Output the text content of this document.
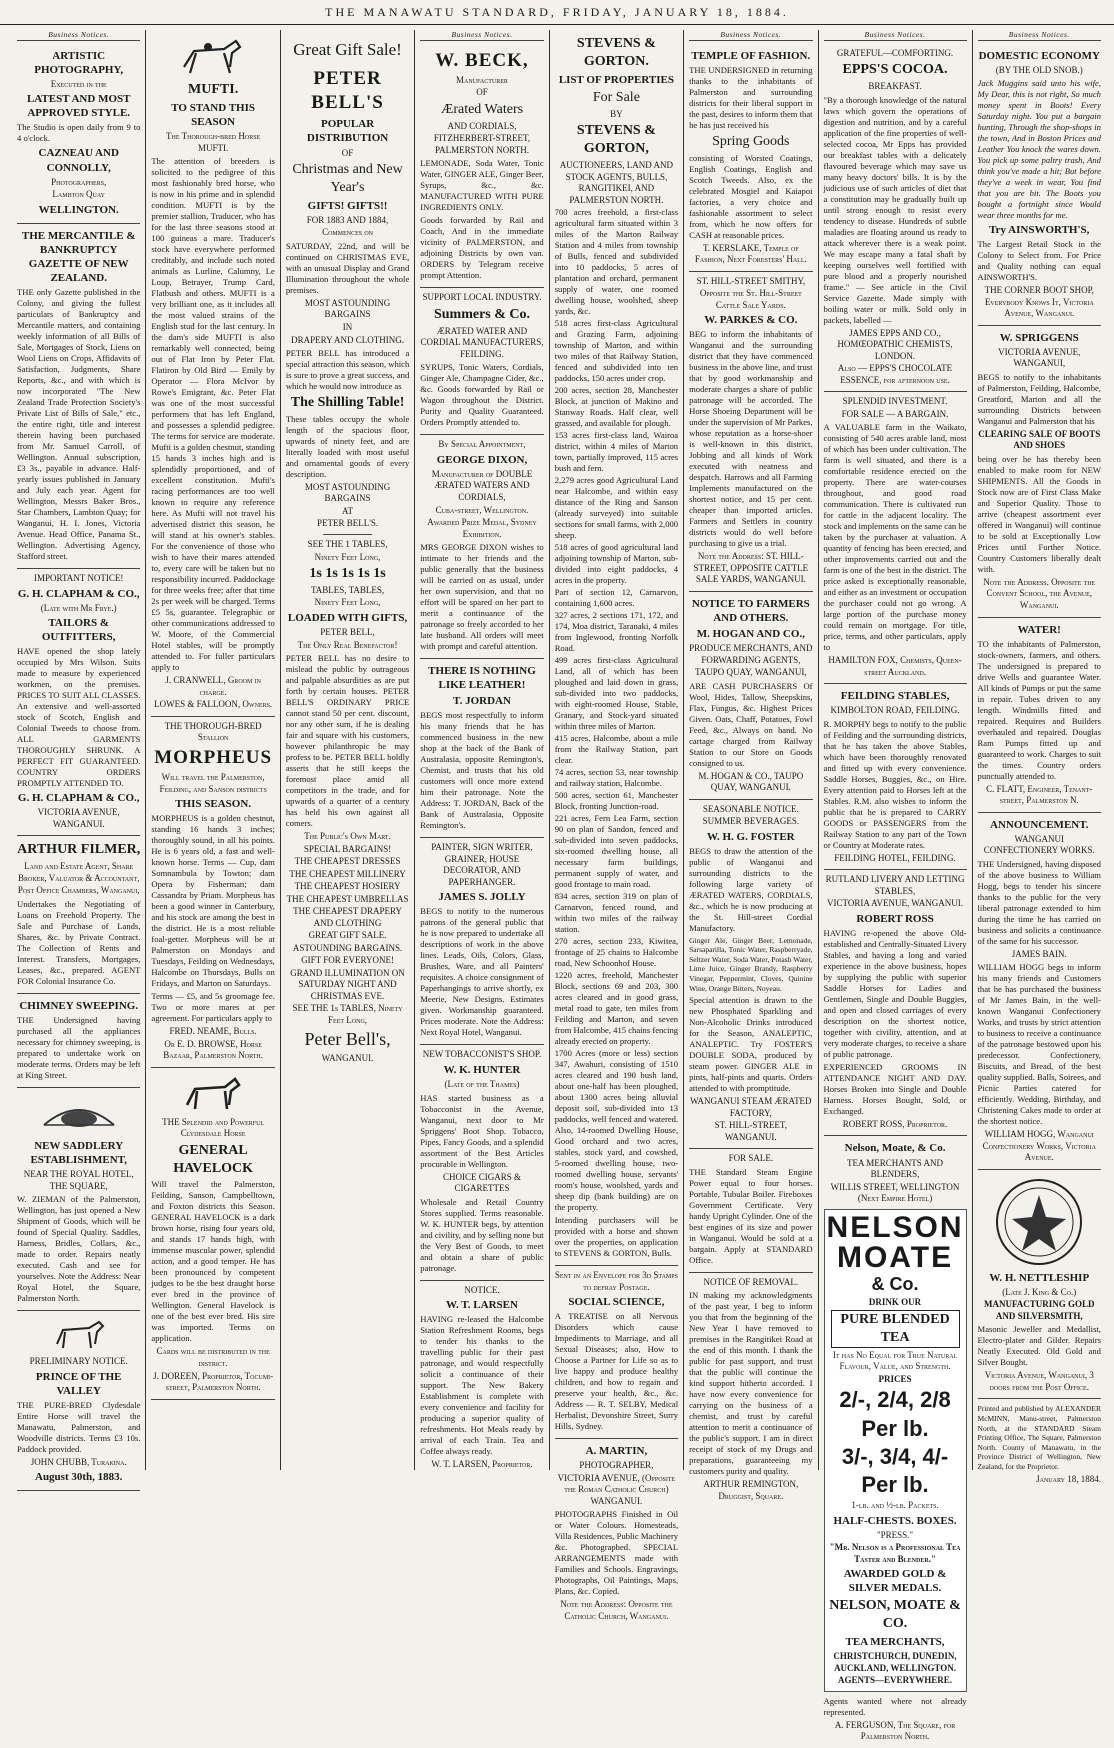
THE MANAWATU STANDARD, FRIDAY, JANUARY 18, 1884.
Business Notices.
ARTISTIC PHOTOGRAPHY,
Executed in the
LATEST AND MOST APPROVED STYLE.
The Studio is open daily from 9 to 4 o'clock.
CAZNEAU AND CONNOLLY,
Photographers,
Lambton Quay
WELLINGTON.
THE MERCANTILE & BANKRUPTCY GAZETTE OF NEW ZEALAND.
THE only Gazette published in the Colony, and giving the fullest particulars of Bankruptcy and Mercantile matters, and containing weekly information of all Bills of Sale, Mortgages of Stock, Liens on Wool Liens on Crops, Affidavits of Satisfaction, Judgments, Share Reports, &c., and with which is now incorporated "The New Zealand Trade Protection Society's Private List of Bills of Sale," etc., the entire right, title and interest therein having been purchased from Mr. Samuel Carroll, of Wellington. Annual subscription, £3 3s., payable in advance. Half-yearly issues published in January and July each year. Agent for Wellington, Messrs Baker Bros., Star Chambers, Lambton Quay; for Wanganui, H. I. Jones, Victoria Avenue. Head Office, Panama St., Wellington. Advertising Agency, Stafford street.
IMPORTANT NOTICE!
G. H. CLAPHAM & CO.,
(Late with Mr Frye.)
TAILORS & OUTFITTERS,
HAVE opened the shop lately occupied by Mrs Wilson. Suits made to measure by experienced workmen, on the premises. PRICES TO SUIT ALL CLASSES. An extensive and well-assorted stock of Scotch, English and Colonial Tweeds to choose from. ALL GARMENTS THOROUGHLY SHRUNK. A PERFECT FIT GUARANTEED. COUNTRY ORDERS PROMPTLY ATTENDED TO.
G. H. CLAPHAM & CO.,
VICTORIA AVENUE, WANGANUI.
ARTHUR FILMER,
Land and Estate Agent, Share Broker, Valuator & Accountant,
Post Office Chambers, Wanganui,
Undertakes the Negotiating of Loans on Freehold Property. The Sale and Purchase of Lands, Shares, &c. by Private Contract. The Collection of Rents and Interest. Transfers, Mortgages, Leases, &c., prepared. AGENT FOR Colonial Insurance Co.
CHIMNEY SWEEPING.
THE Undersigned having purchased all the appliances necessary for chimney sweeping, is prepared to undertake work on moderate terms. Orders may be left at King Street.
NEW SADDLERY ESTABLISHMENT,
NEAR THE ROYAL HOTEL, THE SQUARE,
W. ZIEMAN of the Palmerston, Wellington, has just opened a New Shipment of Goods, which will be found of Special Quality. Saddles, Harness, Bridles, Collars, &c., made to order. Repairs neatly executed. Cash and see for yourselves. Note the Address: Near Royal Hotel, the Square, Palmerston North.
PRELIMINARY NOTICE.
PRINCE OF THE VALLEY
THE PURE-BRED Clydesdale Entire Horse will travel the Manawatu, Palmerston, and Woodville districts. Terms £3 10s. Paddock provided.
JOHN CHUBB, Turakina.
August 30th, 1883.
MUFTI.
TO STAND THIS SEASON
The Thorough-bred Horse MUFTI.
The attention of breeders is solicited to the pedigree of this most fashionably bred horse, who is now in his prime and in splendid condition. MUFTI is by the premier stallion, Traducer, who has for the last three seasons stood at 100 guineas a mare. Traducer's stock have everywhere performed creditably, and include such noted animals as Lurline, Calumny, Le Loup, Betrayer, Trump Card, Flatbush and others. MUFTI is a very brilliant one, as it includes all the most valued strains of the English stud for the last century. In the dam's side MUFTI is also remarkably well connected, being out of Flat Iron by Peter Flat. Flatiron by Old Bird — Emily by Operator — Flora McIvor by Rowe's Emigrant, &c. Peter Flat was one of the most successful performers that has left England, and possesses a splendid pedigree. The terms for service are moderate. Mufti is a golden chestnut, standing 15 hands 3 inches high and is splendidly proportioned, and of excellent constitution. Mufti's racing performances are too well known to require any reference here. As Mufti will not travel his advertised district this season, he will stand at his owner's stables. For the convenience of those who wish to have their mares attended to, every care will be taken but no responsibility incurred. Paddockage for three weeks free; after that time 2s per week will be charged. Terms £5 5s, guarantee. Telegraphic or other communications addressed to W. Moore, of the Commercial Hotel stables, will be promptly attended to. For fuller particulars apply to
J. CRANWELL, Groom in charge.
LOWES & FALLOON, Owners.
THE THOROUGH-BRED Stallion
MORPHEUS
Will travel the Palmerston, Feilding, and Sanson districts
THIS SEASON.
MORPHEUS is a golden chestnut, standing 16 hands 3 inches; thoroughly sound, in all his points. He is 6 years old, a fast and well-known horse. Terms — Cup, dam Somnambula by Towton; dam Opera by Fisherman; dam Cassandra by Priam. Morpheus has been a good winner in Canterbury, and his stock are among the best in the district. He is a most reliable foal-getter. Morpheus will be at Palmerston on Mondays and Tuesdays, Feilding on Wednesdays, Halcombe on Thursdays, Bulls on Fridays, and Marton on Saturdays.
Terms — £5, and 5s groomage fee. Two or more mares at per agreement. For particulars apply to
FRED. NEAME, Bulls.
Or E. D. BROWSE, Horse Bazaar, Palmerston North.
THE Splendid and Powerful Clydesdale Horse
GENERAL HAVELOCK
Will travel the Palmerston, Feilding, Sanson, Campbelltown, and Foxton districts this Season. GENERAL HAVELOCK is a dark brown horse, rising four years old, and stands 17 hands high, with immense muscular power, splendid action, and a good temper. He has been pronounced by competent judges to be the best draught horse ever bred in the province of Wellington. General Havelock is one of the best ever bred. His sire was imported. Terms on application.
Cards will be distributed in the district.
J. DOREEN, Proprietor, Tocumi-street, Palmerston North.
Great Gift Sale!
PETER BELL'S
POPULAR DISTRIBUTION
OF
Christmas and New Year's
GIFTS! GIFTS!!
FOR 1883 AND 1884,
Commences on
SATURDAY, 22nd, and will be continued on CHRISTMAS EVE, with an unusual Display and Grand Illumination throughout the whole premises.
MOST ASTOUNDING BARGAINS
IN
DRAPERY AND CLOTHING.
PETER BELL has introduced a special attraction this season, which is sure to prove a great success, and which he would now introduce as
The Shilling Table!
These tables occupy the whole length of the spacious floor, upwards of ninety feet, and are literally loaded with most useful and ornamental goods of every description.
MOST ASTOUNDING BARGAINS
AT
PETER BELL'S.
SEE THE 1 TABLES,
Ninety Feet Long,
1s 1s 1s 1s 1s
TABLES, TABLES,
Ninety Feet Long,
LOADED WITH GIFTS,
PETER BELL,
The Only Real Benefactor!
PETER BELL has no desire to mislead the public by outrageous and palpable absurdities as are put forth by certain houses. PETER BELL'S ORDINARY PRICE cannot stand 50 per cent. discount, nor any other sum, if he is dealing fair and square with his customers, however philanthropic he may profess to be. PETER BELL boldly asserts that he still keeps the foremost place amid all competitors in the trade, and for upwards of a quarter of a century has held his own against all comers.
The Public's Own Mart.
SPECIAL BARGAINS!
THE CHEAPEST DRESSES
THE CHEAPEST MILLINERY
THE CHEAPEST HOSIERY
THE CHEAPEST UMBRELLAS
THE CHEAPEST DRAPERY AND CLOTHING
GREAT GIFT SALE.
ASTOUNDING BARGAINS.
GIFT FOR EVERYONE!
GRAND ILLUMINATION ON SATURDAY NIGHT AND CHRISTMAS EVE.
SEE THE 1s TABLES, Ninety Feet Long,
Peter Bell's,
WANGANUI.
Business Notices.
W. BECK,
Manufacturer
OF
Ærated Waters
AND CORDIALS,
FITZHERBERT-STREET, PALMERSTON NORTH.
LEMONADE, Soda Water, Tonic Water, GINGER ALE, Ginger Beer, Syrups, &c., &c. MANUFACTURED WITH PURE INGREDIENTS ONLY.
Goods forwarded by Rail and Coach, And in the immediate vicinity of PALMERSTON, and adjoining Districts by own van. ORDERS by Telegram receive prompt Attention.
SUPPORT LOCAL INDUSTRY.
Summers & Co.
ÆRATED WATER AND CORDIAL MANUFACTURERS, FEILDING.
SYRUPS, Tonic Waters, Cordials, Ginger Ale, Champagne Cider, &c., &c. Goods forwarded by Rail or Wagon throughout the District. Purity and Quality Guaranteed. Orders Promptly attended to.
By Special Appointment,
GEORGE DIXON,
Manufacturer of DOUBLE ÆRATED WATERS AND CORDIALS,
Cuba-street, Wellington.
Awarded Prize Medal, Sydney Exhibition.
MRS GEORGE DIXON wishes to intimate to her friends and the public generally that the business will be carried on as usual, under her own supervision, and that no effort will be spared on her part to merit a continuance of the patronage so freely accorded to her late husband. All orders will meet with prompt and careful attention.
THERE IS NOTHING LIKE LEATHER!
T. JORDAN
BEGS most respectfully to inform his many friends that he has commenced business in the new shop at the back of the Bank of Australasia, opposite Remington's, Chemist, and trusts that his old customers will once more extend him their patronage. Note the Address: T. JORDAN, Back of the Bank of Australasia, Opposite Remington's.
PAINTER, SIGN WRITER, GRAINER, HOUSE DECORATOR, AND PAPERHANGER.
JAMES S. JOLLY
BEGS to notify to the numerous patrons of the general public that he is now prepared to undertake all descriptions of work in the above lines. Leads, Oils, Colors, Glass, Brushes, Ware, and all Painters' requisites. A choice consignment of Paperhangings to arrive shortly, ex Meerie, New Designs. Estimates given. Workmanship guaranteed. Prices moderate. Note the Address: Next Royal Hotel, Wanganui.
NEW TOBACCONIST'S SHOP.
W. K. HUNTER
(Late of the Thames)
HAS started business as a Tobacconist in the Avenue, Wanganui, next door to Mr Spriggens' Boot Shop. Tobacco, Pipes, Fancy Goods, and a splendid assortment of the Best Articles procurable in Wellington.
CHOICE CIGARS & CIGARETTES
Wholesale and Retail Country Stores supplied. Terms reasonable. W. K. HUNTER begs, by attention and civility, and by selling none but the Very Best of Goods, to meet and obtain a share of public patronage.
NOTICE.
W. T. LARSEN
HAVING re-leased the Halcombe Station Refreshment Rooms, begs to tender his thanks to the travelling public for their past patronage, and would respectfully solicit a continuance of their support. The New Bakery Establishment is complete with every convenience and facility for producing a superior quality of refreshments. Hot Meals ready by arrival of each Train. Tea and Coffee always ready.
W. T. LARSEN, Proprietor.
STEVENS & GORTON.
LIST OF PROPERTIES
For Sale
BY
STEVENS & GORTON,
AUCTIONEERS, LAND AND STOCK AGENTS, BULLS, RANGITIKEI, AND PALMERSTON NORTH.
700 acres freehold, a first-class agricultural farm situated within 3 miles of the Marton Railway Station and 4 miles from township of Bulls, fenced and subdivided into 10 paddocks, 5 acres of plantation and orchard, permanent supply of water, one roomed dwelling house, woolshed, sheep yards, &c.
518 acres first-class Agricultural and Grazing Farm, adjoining township of Marton, and within two miles of that Railway Station, fenced and subdivided into ten paddocks, 150 acres under crop.
200 acres, section 28, Manchester Block, at junction of Makino and Stanway Roads. Half clear, well grassed, and available for plough.
153 acres first-class land, Wairoa district, within 4 miles of Marton town, partially improved, 115 acres bush and fern.
2,279 acres good Agricultural Land near Halcombe, and within easy distance of the Ring and Sanson (already surveyed) into suitable sections for small farms, with 2,000 sheep.
518 acres of good agricultural land adjoining township of Marton, sub-divided into eight paddocks, 4 acres in the property.
Part of section 12, Carnarvon, containing 1,600 acres.
327 acres, 2 sections 171, 172, and 174, Moa district, Taranaki, 4 miles from Inglewood, fronting Norfolk Road.
499 acres first-class Agricultural Land, all of which has been ploughed and laid down in grass, sub-divided into two paddocks, with eight-roomed House, Stable, Granary, and Stock-yard situated within three miles of Marton.
415 acres, Halcombe, about a mile from the Railway Station, part clear.
74 acres, section 53, near township and railway station, Halcombe.
500 acres, section 61, Manchester Block, fronting Junction-road.
221 acres, Fern Lea Farm, section 90 on plan of Sandon, fenced and sub-divided into seven paddocks, six-roomed dwelling house, all necessary farm buildings, permanent supply of water, and good frontage to main road.
834 acres, section 319 on plan of Carnarvon, fenced round, and within two miles of the railway station.
270 acres, section 233, Kiwitea, frontage of 25 chains to Halcombe road, New Schoonhof House.
1220 acres, freehold, Manchester Block, sections 69 and 203, 300 acres cleared and in good grass, metal road to gate, ten miles from Feilding and Marton, and seven from Halcombe, 415 chains fencing already erected on property.
1700 Acres (more or less) section 347, Awahuri, consisting of 1510 acres cleared and 190 bush land, about one-half has been ploughed, about 1300 acres being alluvial deposit soil, sub-divided into 13 paddocks, well fenced and watered. Also, 14-roomed Dwelling House, Good orchard and two acres, stables, stock yard, and cowshed, 5-roomed dwelling house, two-roomed dwelling house, servants' room's house, woolshed, yards and sheep dip (bank building) are on the property.
Intending purchasers will be provided with a horse and shown over the properties, on application to STEVENS & GORTON, Bulls.
Sent in an Envelope for 3d Stamps to defray Postage.
SOCIAL SCIENCE,
A TREATISE on all Nervous Disorders which cause Impediments to Marriage, and all Sexual Diseases; also, How to Choose a Partner for Life so as to live happy and produce healthy children, and how to regain and preserve your health, &c., &c. Address — R. T. SELBY, Medical Herbalist, Devonshire Street, Surry Hills, Sydney.
A. MARTIN,
PHOTOGRAPHER,
VICTORIA AVENUE, (Opposite the Roman Catholic Church) WANGANUI.
PHOTOGRAPHS Finished in Oil or Water Colours. Homesteads, Villa Residences, Public Machinery &c. Photographed. SPECIAL ARRANGEMENTS made with Families and Schools. Engravings, Photographs, Oil Paintings, Maps, Plans, &c. Copied.
Note the Address: Opposite the Catholic Church, Wanganui.
Business Notices.
TEMPLE OF FASHION.
THE UNDERSIGNED in returning thanks to the inhabitants of Palmerston and surrounding districts for their liberal support in the past, desires to inform them that he has just received his
Spring Goods
consisting of Worsted Coatings, English Coatings, English and Scotch Tweeds. Also, ex the celebrated Mosgiel and Kaiapoi factories, a very choice and fashionable assortment to select from, which he now offers for CASH at reasonable prices.
T. KERSLAKE, Temple of Fashion, Next Foresters' Hall.
ST. HILL-STREET SMITHY,
Opposite the St. Hill-Street Cattle Sale Yards.
W. PARKES & CO.
BEG to inform the inhabitants of Wanganui and the surrounding district that they have commenced business in the above line, and trust that by good workmanship and moderate charges a share of public patronage will be accorded. The Horse Shoeing Department will be under the supervision of Mr Parkes, whose reputation as a horse-shoer is well-known in this district. Jobbing and all kinds of Work executed with neatness and despatch. Harrows and all Farming Implements manufactured on the shortest notice, and 15 per cent. cheaper than imported articles. Farmers and Settlers in country districts would do well before purchasing to give us a trial.
Note the Address: ST. HILL-STREET, OPPOSITE CATTLE SALE YARDS, WANGANUI.
NOTICE TO FARMERS AND OTHERS.
M. HOGAN AND CO.,
PRODUCE MERCHANTS, AND FORWARDING AGENTS,
TAUPO QUAY, WANGANUI,
ARE CASH PURCHASERS Of Wool, Hides, Tallow, Sheepskins, Flax, Fungus, &c. Highest Prices Given. Oats, Chaff, Potatoes, Fowl Feed, &c., Always on hand. No cartage charged from Railway Station to our Store on Goods consigned to us.
M. HOGAN & CO., TAUPO QUAY, WANGANUI.
SEASONABLE NOTICE.
SUMMER BEVERAGES.
W. H. G. FOSTER
BEGS to draw the attention of the public of Wanganui and surrounding districts to the following large variety of ÆRATED WATERS, CORDIALS, &c., which he is now producing at the St. Hill-street Cordial Manufactory.
Ginger Ale, Ginger Beer, Lemonade, Sarsaparilla, Tonic Water, Raspberryade, Seltzer Water, Soda Water, Potash Water, Lime Juice, Ginger Brandy, Raspberry Vinegar, Peppermint, Cloves, Quinine Wine, Orange Bitters, Noyeau.
Special attention is drawn to the new Phosphated Sparkling and Non-Alcoholic Drinks introduced for the Season, ANALEPTIC, ANALEPTIC. Try FOSTER'S DOUBLE SODA, produced by steam power. GINGER ALE in pints, half-pints and quarts. Orders attended to with promptitude.
WANGANUI STEAM ÆRATED FACTORY,
ST. HILL-STREET, WANGANUI.
FOR SALE.
THE Standard Steam Engine Power equal to four horses. Portable, Tubular Boiler. Fireboxes Government Certificate. Very handy Upright Cylinder. One of the best engines of its size and power in Wanganui. Would be sold at a bargain. Apply at STANDARD Office.
NOTICE OF REMOVAL.
IN making my acknowledgments of the past year, I beg to inform you that from the beginning of the New Year I have removed to premises in the Rangitikei Road at the end of this month. I thank the public for past support, and trust that the public will continue the kind support hitherto accorded. I have now every convenience for carrying on the business of a chemist, and trust by careful attention to merit a continuance of the public's support. I am in direct receipt of stock of my Drugs and preparations, guaranteeing my customers purity and quality.
ARTHUR REMINGTON, Druggist, Square.
Business Notices.
GRATEFUL—COMFORTING.
EPPS'S COCOA.
BREAKFAST.
"By a thorough knowledge of the natural laws which govern the operations of digestion and nutrition, and by a careful application of the fine properties of well-selected cocoa, Mr Epps has provided our breakfast tables with a delicately flavoured beverage which may save us many heavy doctors' bills. It is by the judicious use of such articles of diet that a constitution may be gradually built up until strong enough to resist every tendency to disease. Hundreds of subtle maladies are floating around us ready to attack wherever there is a weak point. We may escape many a fatal shaft by keeping ourselves well fortified with pure blood and a properly nourished frame." — See article in the Civil Service Gazette. Made simply with boiling water or milk. Sold only in packets, labelled —
JAMES EPPS AND CO., HOMŒOPATHIC CHEMISTS, LONDON.
Also — EPPS'S CHOCOLATE ESSENCE, for afternoon use.
SPLENDID INVESTMENT.
FOR SALE — A BARGAIN.
A VALUABLE farm in the Waikato, consisting of 540 acres arable land, most of which has been under cultivation. The farm is well situated, and there is a comfortable residence erected on the property. There are water-courses throughout, and good road communication. There is cultivated run for cattle in the adjacent locality. The stock and implements on the same can be taken by the purchaser at valuation. A quantity of fencing has been erected, and other improvements carried out and the farm is one of the best in the district. The price asked is exceptionally reasonable, and either as an investment or occupation the purchaser could not go wrong. A large portion of the purchase money could remain on mortgage. For title, price, terms, and other particulars, apply to
HAMILTON FOX, Chemists, Queen-street Auckland.
FEILDING STABLES,
KIMBOLTON ROAD, FEILDING.
R. MORPHY begs to notify to the public of Feilding and the surrounding districts, that he has taken the above Stables, which have been thoroughly renovated and fitted up with every convenience. Saddle Horses, Buggies, &c., on Hire. Every attention paid to Horses left at the Stables. R.M. also wishes to inform the public that he is prepared to CARRY GOODS or PASSENGERS from the Railway Station to any part of the Town or Country at Moderate rates.
FEILDING HOTEL, FEILDING.
RUTLAND LIVERY AND LETTING STABLES,
VICTORIA AVENUE, WANGANUI.
ROBERT ROSS
HAVING re-opened the above Old-established and Centrally-Situated Livery Stables, and having a long and varied experience in the above business, hopes by supplying the public with superior Saddle Horses for Ladies and Gentlemen, Single and Double Buggies, and open and closed carriages of every description on the shortest notice, together with civility, attention, and at very moderate charges, to receive a share of public patronage.
EXPERIENCED GROOMS IN ATTENDANCE NIGHT AND DAY. Horses Broken into Single and Double Harness. Horses Bought, Sold, or Exchanged.
ROBERT ROSS, Proprietor.
Nelson, Moate, & Co.
TEA MERCHANTS AND BLENDERS,
WILLIS STREET, WELLINGTON (Next Empire Hotel)
NELSON
MOATE
& Co.
DRINK OUR
PURE BLENDED TEA
It has No Equal for True Natural Flavour, Value, and Strength.
PRICES
2/-, 2/4, 2/8 Per lb.
3/-, 3/4, 4/- Per lb.
1-lb. and ½-lb. Packets.
HALF-CHESTS. BOXES.
"PRESS."
"Mr. Nelson is a Professional Tea Taster and Blender."
AWARDED GOLD & SILVER MEDALS.
NELSON, MOATE & CO.
TEA MERCHANTS,
CHRISTCHURCH, DUNEDIN, AUCKLAND, WELLINGTON.
AGENTS—EVERYWHERE.
Agents wanted where not already represented.
A. FERGUSON, The Square, for Palmerston North.
Business Notices.
DOMESTIC ECONOMY
(BY THE OLD SNOB.)
Jack Muggins said unto his wife, My Dear, this is not right, So much money spent in Boots! Every Saturday night. You put a bargain hunting, Through the shop-shops in the town, And in Boston Prices and Leather You knock the wares down. You pick up some paltry trash, And think you've made a hit; But before they've a week in wear, You find that you are bit. The Boots you bought a fortnight since Would wear three months for me.
Try AINSWORTH'S,
The Largest Retail Stock in the Colony to Select from. For Price and Quality nothing can equal AINSWORTH'S.
THE CORNER BOOT SHOP, Everybody Knows It, Victoria Avenue, Wanganui.
W. SPRIGGENS
VICTORIA AVENUE, WANGANUI,
BEGS to notify to the inhabitants of Palmerston, Feilding, Halcombe, Greatford, Marton and all the surrounding Districts between Wanganui and Palmerston that his
CLEARING SALE OF BOOTS AND SHOES
being over he has thereby been enabled to make room for NEW SHIPMENTS. All the Goods in Stock now are of First Class Make and Superior Quality. Those to arrive (cheapest assortment ever offered in Wanganui) will continue to be sold at Exceptionally Low Prices until Further Notice. Country Customers liberally dealt with.
Note the Address. Opposite the Convent School, the Avenue, Wanganui.
WATER!
TO the inhabitants of Palmerston, stock-owners, farmers, and others. The undersigned is prepared to drive Wells and guarantee Water. All kinds of Pumps or put the same in repair. Tubes driven to any length. Windmills fitted and repaired. Requires and Builders overhauled and repaired. Douglas Ram Pumps fitted up and guaranteed to work. Charges to suit the times. Country orders punctually attended to.
C. FLATT, Engineer, Tenant-street, Palmerston N.
ANNOUNCEMENT.
WANGANUI CONFECTIONERY WORKS.
THE Undersigned, having disposed of the above business to William Hogg, begs to tender his sincere thanks to the public for the very liberal patronage extended to him during the time he has carried on business and solicits a continuance of the same for his successor.
JAMES BAIN.
WILLIAM HOGG begs to inform his many friends and Customers that he has purchased the business of Mr James Bain, in the well-known Wanganui Confectionery Works, and trusts by strict attention to business to receive a continuance of the patronage bestowed upon his predecessor. Confectionery, Biscuits, and Bread, of the best quality supplied. Balls, Soirees, and Picnic Parties catered for efficiently. Wedding, Birthday, and Christening Cakes made to order at the shortest notice.
WILLIAM HOGG, Wanganui Confectionery Works, Victoria Avenue.
W. H. NETTLESHIP
(Late J. King & Co.)
MANUFACTURING GOLD AND SILVERSMITH,
Masonic Jeweller and Medallist, Electro-plater and Gilder. Repairs Neatly Executed. Old Gold and Silver Bought.
Victoria Avenue, Wanganui, 3 doors from the Post Office.
Printed and published by ALEXANDER McMINN, Manu-street, Palmerston North, at the STANDARD Steam Printing Office, The Square, Palmerston North. County of Manawatu, in the Province District of Wellington, New Zealand, for the Proprietor.
January 18, 1884.
